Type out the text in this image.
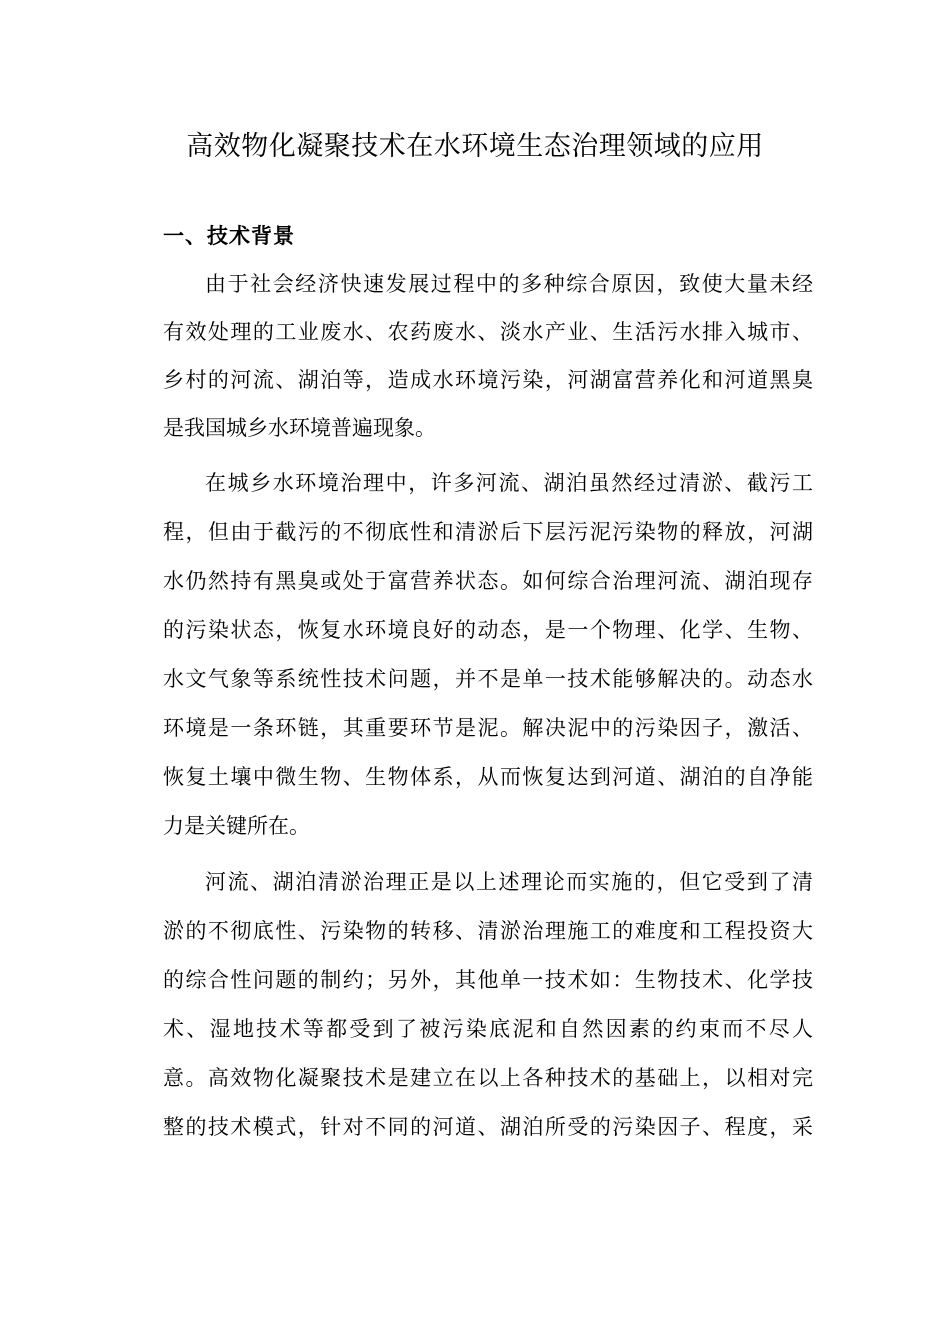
高效物化凝聚技术在水环境生态治理领域的应用
一、技术背景

由于社会经济快速发展过程中的多种综合原因，致使大量未经

有效处理的工业废水、农药废水、淡水产业、生活污水排入城市、

乡村的河流、湖泊等，造成水环境污染，河湖富营养化和河道黑臭

是我国城乡水环境普遍现象。

在城乡水环境治理中，许多河流、湖泊虽然经过清淤、截污工

程，但由于截污的不彻底性和清淤后下层污泥污染物的释放，河湖

水仍然持有黑臭或处于富营养状态。如何综合治理河流、湖泊现存

的污染状态，恢复水环境良好的动态，是一个物理、化学、生物、

水文气象等系统性技术问题，并不是单一技术能够解决的。动态水

环境是一条环链，其重要环节是泥。解决泥中的污染因子，激活、

恢复土壤中微生物、生物体系，从而恢复达到河道、湖泊的自净能

力是关键所在。

河流、湖泊清淤治理正是以上述理论而实施的，但它受到了清

淤的不彻底性、污染物的转移、清淤治理施工的难度和工程投资大

的综合性问题的制约；另外，其他单一技术如：生物技术、化学技

术、湿地技术等都受到了被污染底泥和自然因素的约束而不尽人

意。高效物化凝聚技术是建立在以上各种技术的基础上，以相对完

整的技术模式，针对不同的河道、湖泊所受的污染因子、程度，采
